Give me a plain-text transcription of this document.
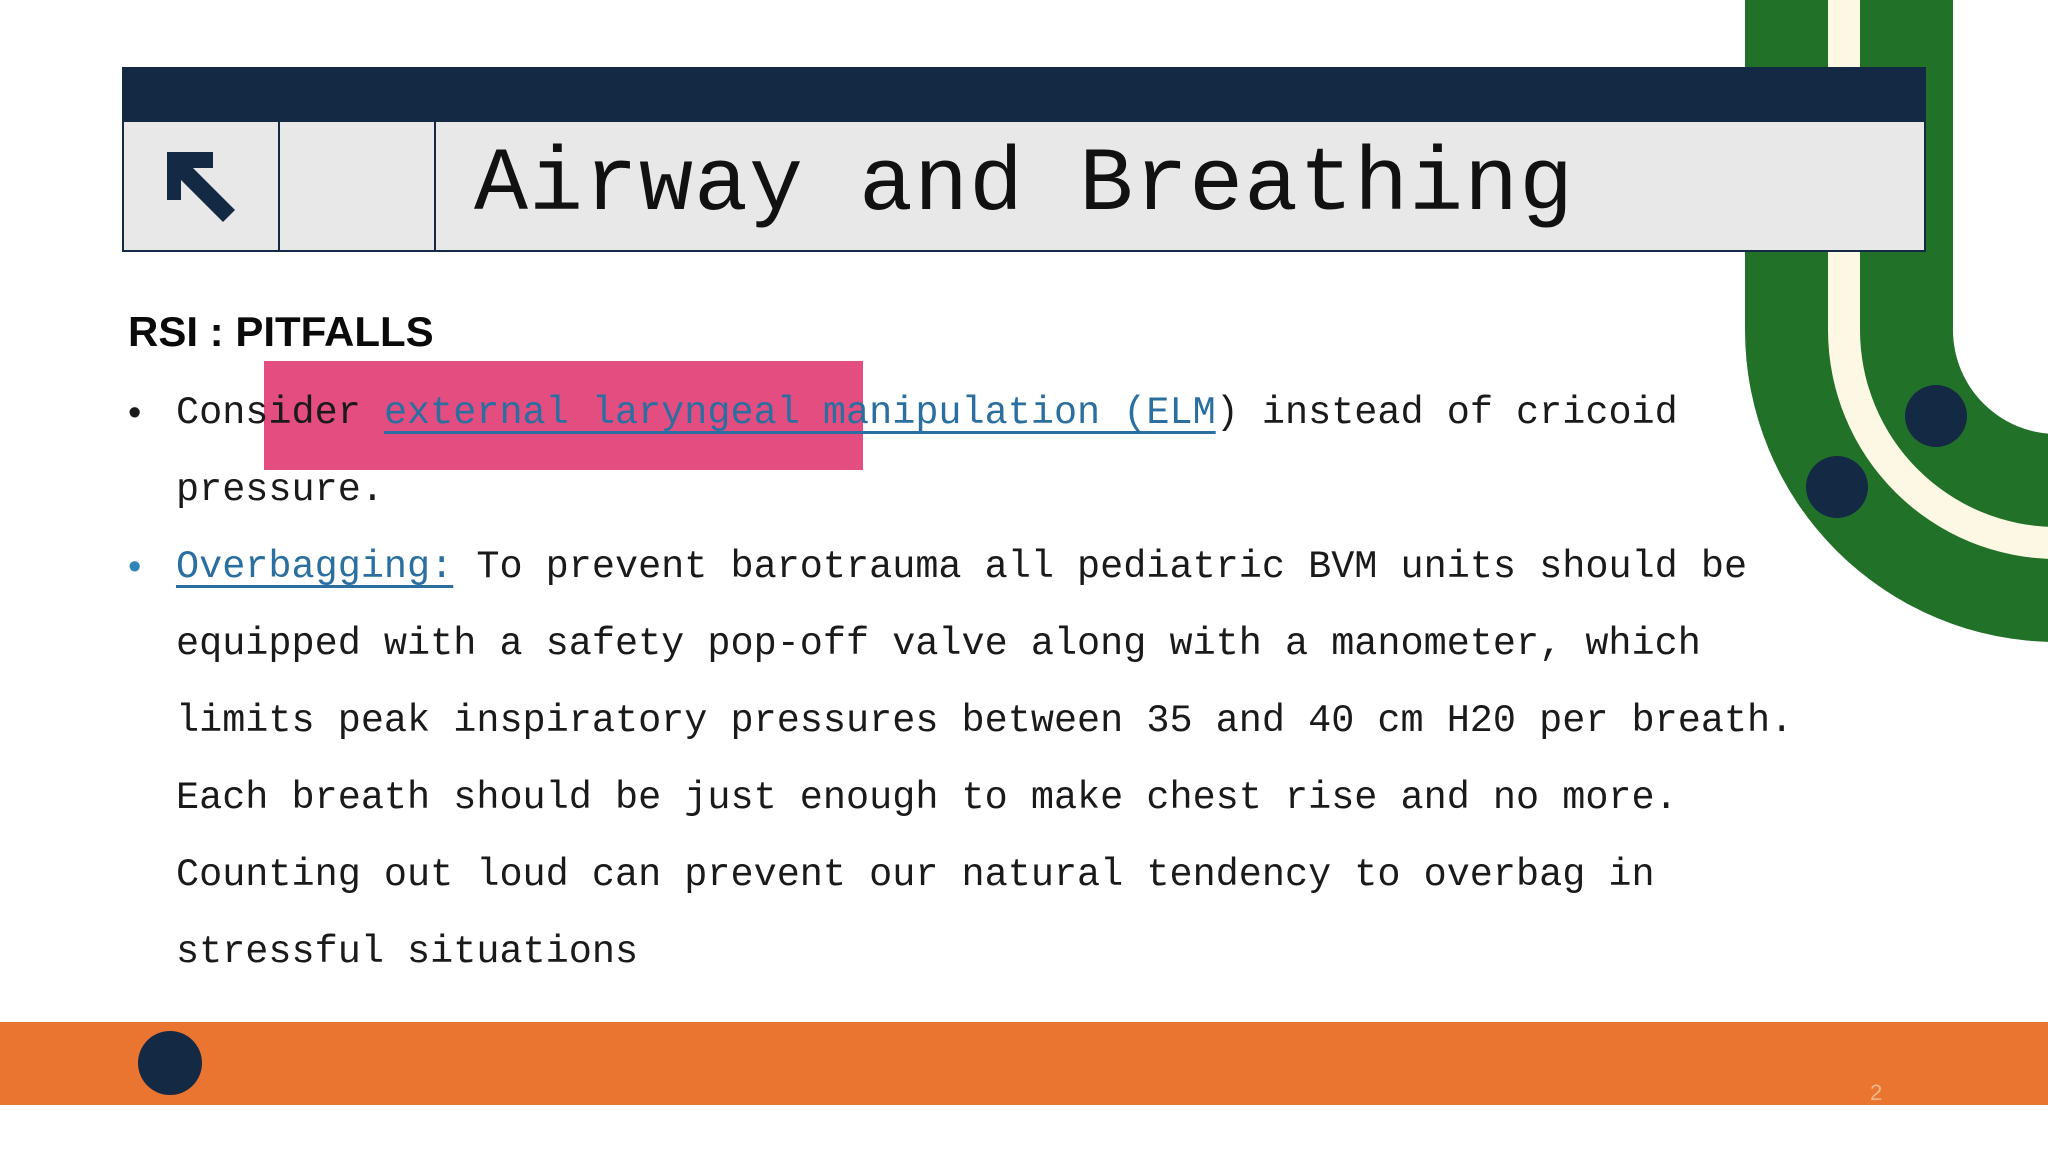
Airway and Breathing
RSI : PITFALLS
• Consider external laryngeal manipulation (ELM) instead of cricoid pressure.
• Overbagging: To prevent barotrauma all pediatric BVM units should be equipped with a safety pop-off valve along with a manometer, which limits peak inspiratory pressures between 35 and 40 cm H20 per breath. Each breath should be just enough to make chest rise and no more. Counting out loud can prevent our natural tendency to overbag in stressful situations
2
